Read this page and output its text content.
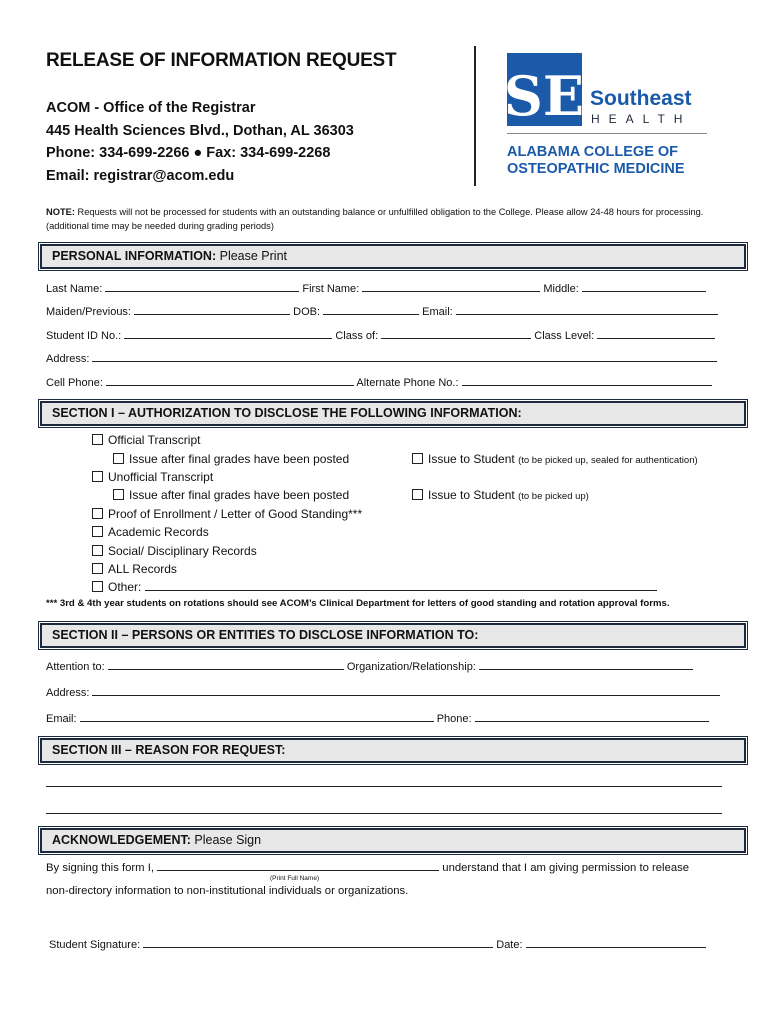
RELEASE OF INFORMATION REQUEST
ACOM - Office of the Registrar
445 Health Sciences Blvd., Dothan, AL 36303
Phone: 334-699-2266 ● Fax: 334-699-2268
Email: registrar@acom.edu
SE Southeast
HEALTH
ALABAMA COLLEGE OF
OSTEOPATHIC MEDICINE
NOTE: Requests will not be processed for students with an outstanding balance or unfulfilled obligation to the College. Please allow 24-48 hours for processing. (additional time may be needed during grading periods)
PERSONAL INFORMATION: Please Print
Last Name:	First Name:	Middle:
Maiden/Previous:	DOB:	Email:
Student ID No.:	Class of:	Class Level:
Address:
Cell Phone:	Alternate Phone No.:
SECTION I – AUTHORIZATION TO DISCLOSE THE FOLLOWING INFORMATION:
Official Transcript
Issue after final grades have been posted	Issue to Student (to be picked up, sealed for authentication)
Unofficial Transcript
Issue after final grades have been posted	Issue to Student (to be picked up)
Proof of Enrollment / Letter of Good Standing***
Academic Records
Social/ Disciplinary Records
ALL Records
Other:
*** 3rd & 4th year students on rotations should see ACOM’s Clinical Department for letters of good standing and rotation approval forms.
SECTION II – PERSONS OR ENTITIES TO DISCLOSE INFORMATION TO:
Attention to:	Organization/Relationship:
Address:
Email:	Phone:
SECTION III – REASON FOR REQUEST:
ACKNOWLEDGEMENT: Please Sign
By signing this form I,	understand that I am giving permission to release
(Print Full Name)
non-directory information to non-institutional individuals or organizations.
Student Signature:	Date:
